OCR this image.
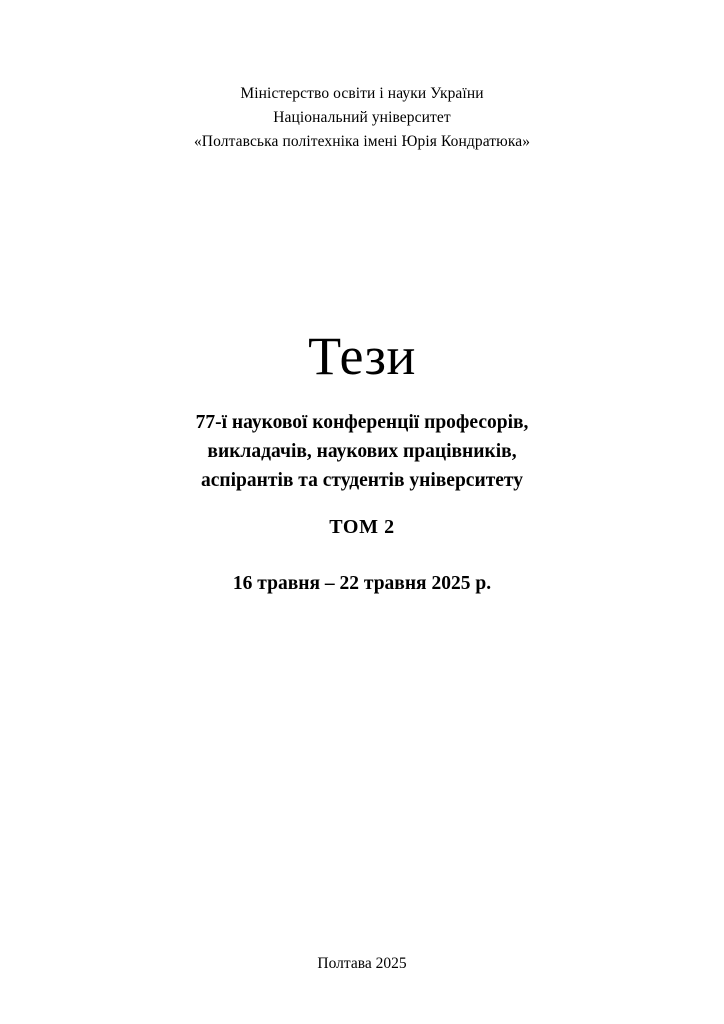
Міністерство освіти і науки України
Національний університет
«Полтавська політехніка імені Юрія Кондратюка»
Тези
77-ї наукової конференції професорів,
викладачів, наукових працівників,
аспірантів та студентів університету
ТОМ 2
16 травня – 22 травня 2025 р.
Полтава 2025
